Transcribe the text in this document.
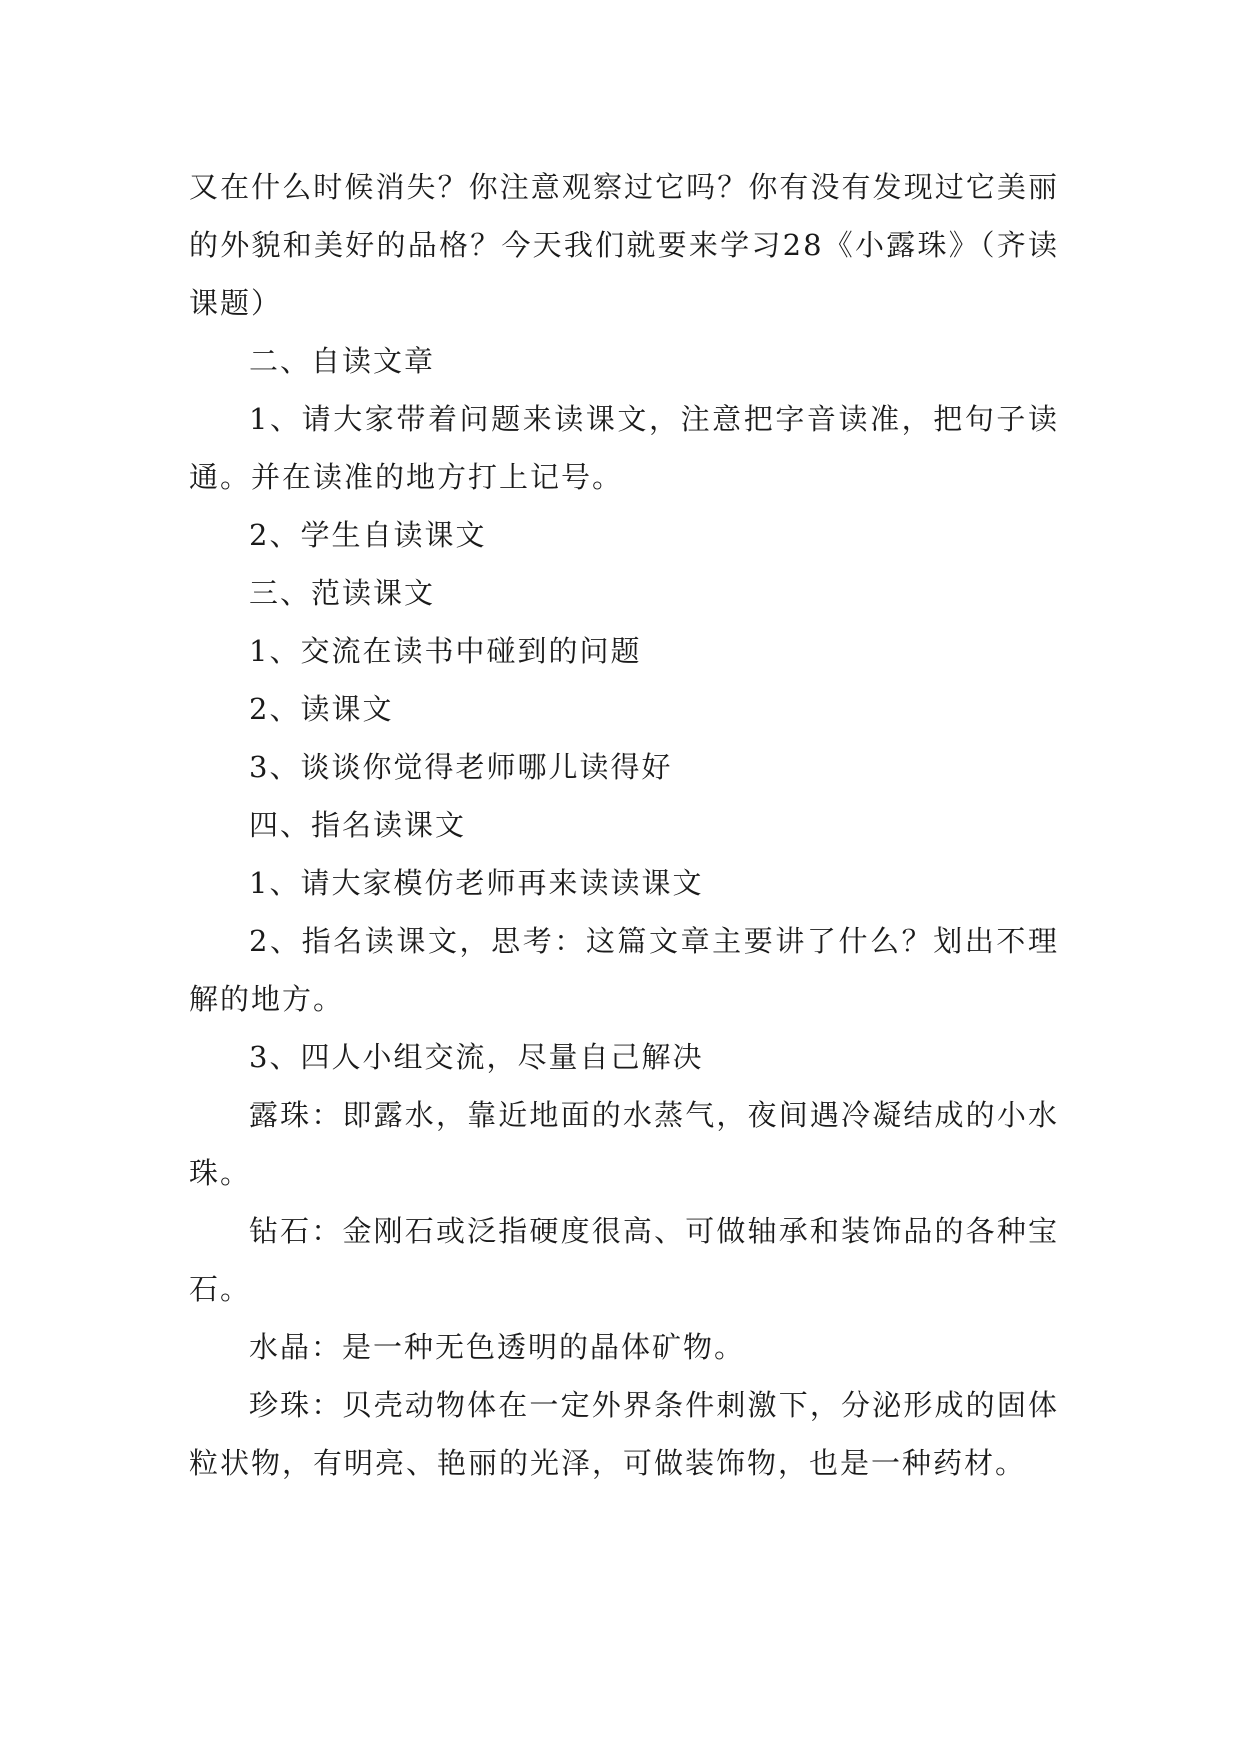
又在什么时候消失？你注意观察过它吗？你有没有发现过它美丽的外貌和美好的品格？今天我们就要来学习28《小露珠》（齐读课题）

二、自读文章

1、请大家带着问题来读课文，注意把字音读准，把句子读通。并在读准的地方打上记号。

2、学生自读课文

三、范读课文

1、交流在读书中碰到的问题

2、读课文

3、谈谈你觉得老师哪儿读得好

四、指名读课文

1、请大家模仿老师再来读读课文

2、指名读课文，思考：这篇文章主要讲了什么？划出不理解的地方。

3、四人小组交流，尽量自己解决

露珠：即露水，靠近地面的水蒸气，夜间遇冷凝结成的小水珠。

钻石：金刚石或泛指硬度很高、可做轴承和装饰品的各种宝石。

水晶：是一种无色透明的晶体矿物。

珍珠：贝壳动物体在一定外界条件刺激下，分泌形成的固体粒状物，有明亮、艳丽的光泽，可做装饰物，也是一种药材。
